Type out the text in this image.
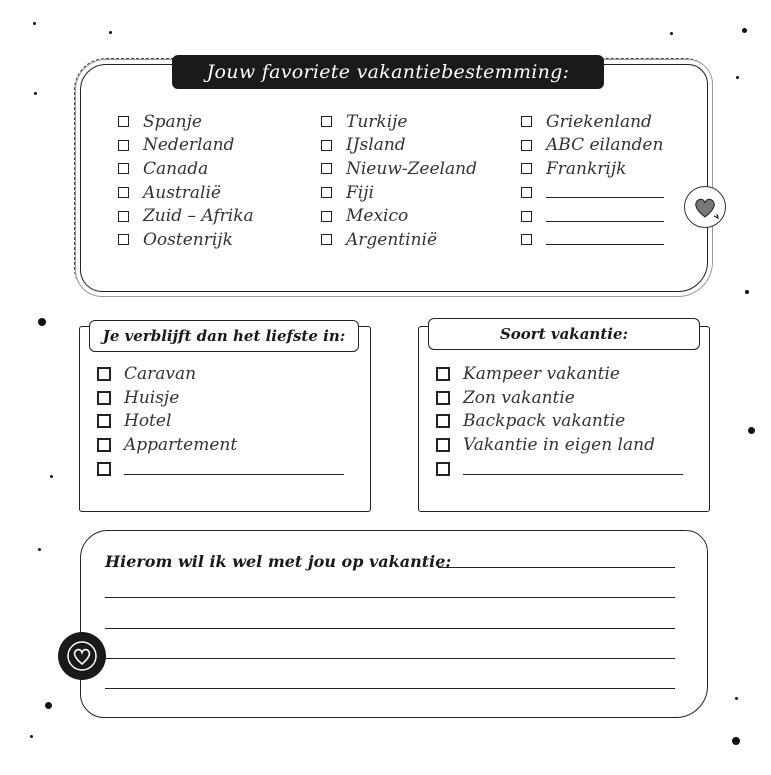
Jouw favoriete vakantiebestemming:
Spanje
Nederland
Canada
Australië
Zuid – Afrika
Oostenrijk
Turkije
IJsland
Nieuw-Zeeland
Fiji
Mexico
Argentinië
Griekenland
ABC eilanden
Frankrijk
Je verblijft dan het liefste in:
Caravan
Huisje
Hotel
Appartement
Soort vakantie:
Kampeer vakantie
Zon vakantie
Backpack vakantie
Vakantie in eigen land
Hierom wil ik wel met jou op vakantie:
